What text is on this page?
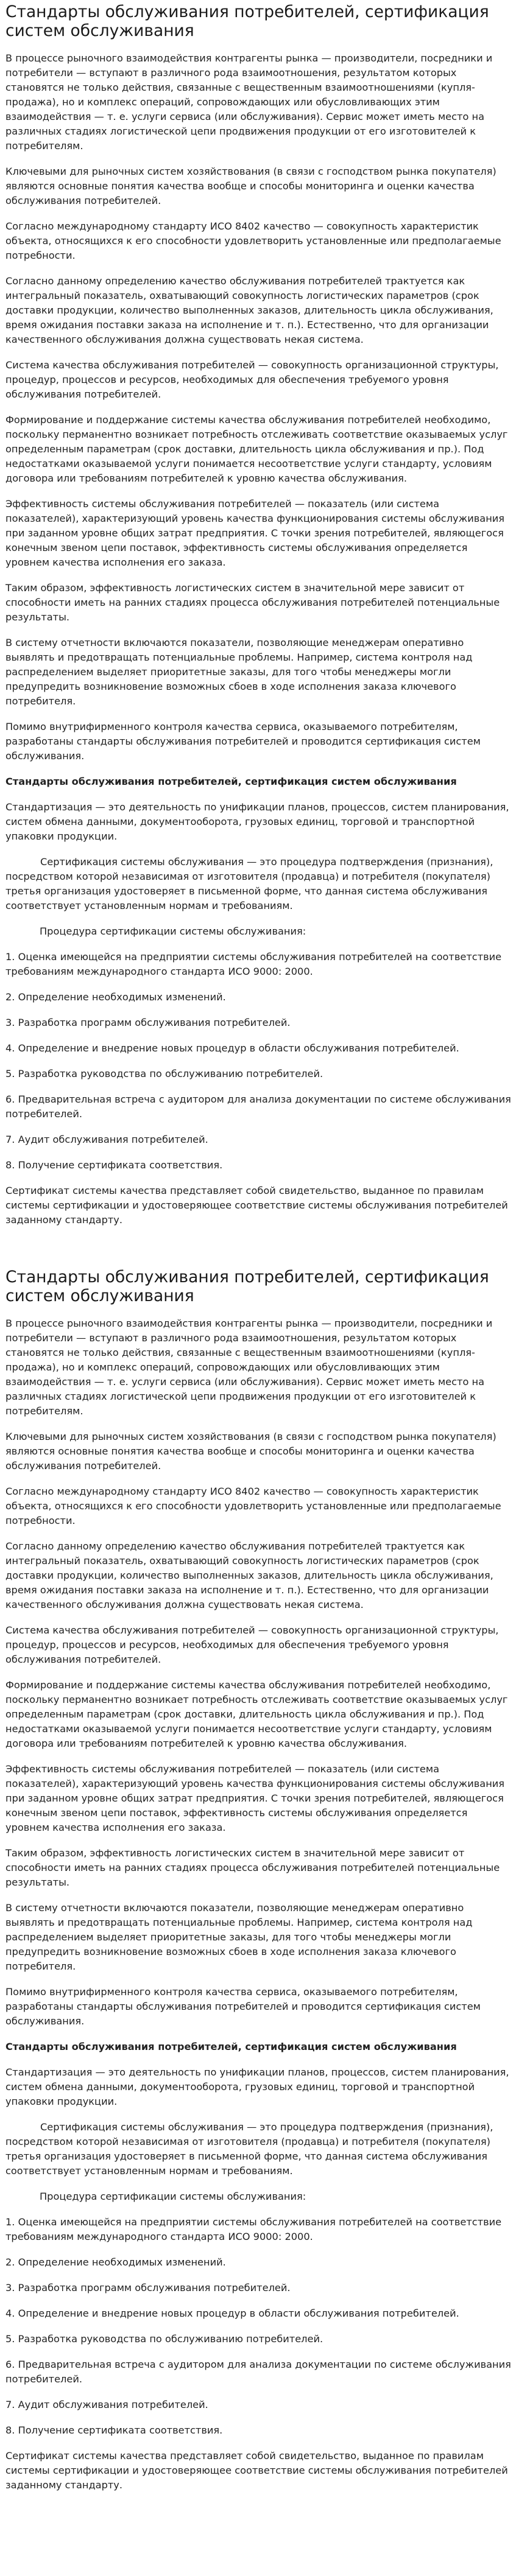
Стандарты обслуживания потребителей, сертификация систем обслуживания

В процессе рыночного взаимодействия контрагенты рынка — производители, посредники и потребители — вступают в различного рода взаимоотношения, результатом которых становятся не только действия, связанные с вещественным взаимоотношениями (купля-продажа), но и комплекс операций, сопровождающих или обусловливающих этим взаимодействия — т. е. услуги сервиса (или обслуживания). Сервис может иметь место на различных стадиях логистической цепи продвижения продукции от его изготовителей к потребителям.

Ключевыми для рыночных систем хозяйствования (в связи с господством рынка покупателя) являются основные понятия качества вообще и способы мониторинга и оценки качества обслуживания потребителей.

Согласно международному стандарту ИСО 8402 качество — совокупность характеристик объекта, относящихся к его способности удовлетворить установленные или предполагаемые потребности.

Согласно данному определению качество обслуживания потребителей трактуется как интегральный показатель, охватывающий совокупность логистических параметров (срок доставки продукции, количество выполненных заказов, длительность цикла обслуживания, время ожидания поставки заказа на исполнение и т. п.). Естественно, что для организации качественного обслуживания должна существовать некая система.

Система качества обслуживания потребителей — совокупность организационной структуры, процедур, процессов и ресурсов, необходимых для обеспечения требуемого уровня обслуживания потребителей.

Формирование и поддержание системы качества обслуживания потребителей необходимо, поскольку перманентно возникает потребность отслеживать соответствие оказываемых услуг определенным параметрам (срок доставки, длительность цикла обслуживания и пр.). Под недостатками оказываемой услуги понимается несоответствие услуги стандарту, условиям договора или требованиям потребителей к уровню качества обслуживания.

Эффективность системы обслуживания потребителей — показатель (или система показателей), характеризующий уровень качества функционирования системы обслуживания при заданном уровне общих затрат предприятия. С точки зрения потребителей, являющегося конечным звеном цепи поставок, эффективность системы обслуживания определяется уровнем качества исполнения его заказа.

Таким образом, эффективность логистических систем в значительной мере зависит от способности иметь на ранних стадиях процесса обслуживания потребителей потенциальные результаты.

В систему отчетности включаются показатели, позволяющие менеджерам оперативно выявлять и предотвращать потенциальные проблемы. Например, система контроля над распределением выделяет приоритетные заказы, для того чтобы менеджеры могли предупредить возникновение возможных сбоев в ходе исполнения заказа ключевого потребителя.

Помимо внутрифирменного контроля качества сервиса, оказываемого потребителям, разработаны стандарты обслуживания потребителей и проводится сертификация систем обслуживания.

Стандарты обслуживания потребителей, сертификация систем обслуживания

Стандартизация — это деятельность по унификации планов, процессов, систем планирования, систем обмена данными, документооборота, грузовых единиц, торговой и транспортной упаковки продукции.

Сертификация системы обслуживания — это процедура подтверждения (признания), посредством которой независимая от изготовителя (продавца) и потребителя (покупателя) третья организация удостоверяет в письменной форме, что данная система обслуживания соответствует установленным нормам и требованиям.

Процедура сертификации системы обслуживания:

1. Оценка имеющейся на предприятии системы обслуживания потребителей на соответствие требованиям международного стандарта ИСО 9000: 2000.
2. Определение необходимых изменений.
3. Разработка программ обслуживания потребителей.
4. Определение и внедрение новых процедур в области обслуживания потребителей.
5. Разработка руководства по обслуживанию потребителей.
6. Предварительная встреча с аудитором для анализа документации по системе обслуживания потребителей.
7. Аудит обслуживания потребителей.
8. Получение сертификата соответствия.

Сертификат системы качества представляет собой свидетельство, выданное по правилам системы сертификации и удостоверяющее соответствие системы обслуживания потребителей заданному стандарту.

Стандарты обслуживания потребителей, сертификация систем обслуживания

В процессе рыночного взаимодействия контрагенты рынка — производители, посредники и потребители — вступают в различного рода взаимоотношения, результатом которых становятся не только действия, связанные с вещественным взаимоотношениями (купля-продажа), но и комплекс операций, сопровождающих или обусловливающих этим взаимодействия — т. е. услуги сервиса (или обслуживания). Сервис может иметь место на различных стадиях логистической цепи продвижения продукции от его изготовителей к потребителям.

Ключевыми для рыночных систем хозяйствования (в связи с господством рынка покупателя) являются основные понятия качества вообще и способы мониторинга и оценки качества обслуживания потребителей.

Согласно международному стандарту ИСО 8402 качество — совокупность характеристик объекта, относящихся к его способности удовлетворить установленные или предполагаемые потребности.

Согласно данному определению качество обслуживания потребителей трактуется как интегральный показатель, охватывающий совокупность логистических параметров (срок доставки продукции, количество выполненных заказов, длительность цикла обслуживания, время ожидания поставки заказа на исполнение и т. п.). Естественно, что для организации качественного обслуживания должна существовать некая система.

Система качества обслуживания потребителей — совокупность организационной структуры, процедур, процессов и ресурсов, необходимых для обеспечения требуемого уровня обслуживания потребителей.

Формирование и поддержание системы качества обслуживания потребителей необходимо, поскольку перманентно возникает потребность отслеживать соответствие оказываемых услуг определенным параметрам (срок доставки, длительность цикла обслуживания и пр.). Под недостатками оказываемой услуги понимается несоответствие услуги стандарту, условиям договора или требованиям потребителей к уровню качества обслуживания.

Эффективность системы обслуживания потребителей — показатель (или система показателей), характеризующий уровень качества функционирования системы обслуживания при заданном уровне общих затрат предприятия. С точки зрения потребителей, являющегося конечным звеном цепи поставок, эффективность системы обслуживания определяется уровнем качества исполнения его заказа.

Таким образом, эффективность логистических систем в значительной мере зависит от способности иметь на ранних стадиях процесса обслуживания потребителей потенциальные результаты.

В систему отчетности включаются показатели, позволяющие менеджерам оперативно выявлять и предотвращать потенциальные проблемы. Например, система контроля над распределением выделяет приоритетные заказы, для того чтобы менеджеры могли предупредить возникновение возможных сбоев в ходе исполнения заказа ключевого потребителя.

Помимо внутрифирменного контроля качества сервиса, оказываемого потребителям, разработаны стандарты обслуживания потребителей и проводится сертификация систем обслуживания.

Стандарты обслуживания потребителей, сертификация систем обслуживания

Стандартизация — это деятельность по унификации планов, процессов, систем планирования, систем обмена данными, документооборота, грузовых единиц, торговой и транспортной упаковки продукции.

Сертификация системы обслуживания — это процедура подтверждения (признания), посредством которой независимая от изготовителя (продавца) и потребителя (покупателя) третья организация удостоверяет в письменной форме, что данная система обслуживания соответствует установленным нормам и требованиям.

Процедура сертификации системы обслуживания:

1. Оценка имеющейся на предприятии системы обслуживания потребителей на соответствие требованиям международного стандарта ИСО 9000: 2000.
2. Определение необходимых изменений.
3. Разработка программ обслуживания потребителей.
4. Определение и внедрение новых процедур в области обслуживания потребителей.
5. Разработка руководства по обслуживанию потребителей.
6. Предварительная встреча с аудитором для анализа документации по системе обслуживания потребителей.
7. Аудит обслуживания потребителей.
8. Получение сертификата соответствия.

Сертификат системы качества представляет собой свидетельство, выданное по правилам системы сертификации и удостоверяющее соответствие системы обслуживания потребителей заданному стандарту.
